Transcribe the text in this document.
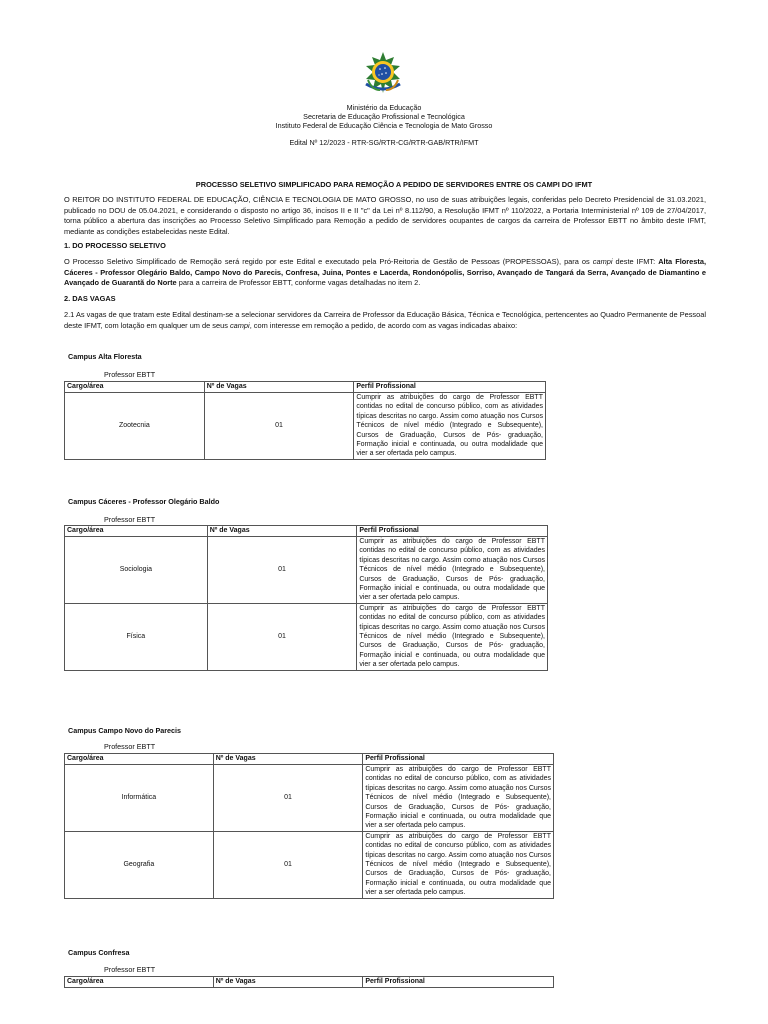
Ministério da Educação
Secretaria de Educação Profissional e Tecnológica
Instituto Federal de Educação Ciência e Tecnologia de Mato Grosso
Edital Nº 12/2023 - RTR-SG/RTR-CG/RTR-GAB/RTR/IFMT
PROCESSO SELETIVO SIMPLIFICADO PARA REMOÇÃO A PEDIDO DE SERVIDORES ENTRE OS CAMPI DO IFMT
O REITOR DO INSTITUTO FEDERAL DE EDUCAÇÃO, CIÊNCIA E TECNOLOGIA DE MATO GROSSO, no uso de suas atribuições legais, conferidas pelo Decreto Presidencial de 31.03.2021, publicado no DOU de 05.04.2021, e considerando o disposto no artigo 36, incisos II e II "c" da Lei nº 8.112/90, a Resolução IFMT nº 110/2022, a Portaria Interministerial nº 109 de 27/04/2017, torna público a abertura das inscrições ao Processo Seletivo Simplificado para Remoção a pedido de servidores ocupantes de cargos da carreira de Professor EBTT no âmbito deste IFMT, mediante as condições estabelecidas neste Edital.
1. DO PROCESSO SELETIVO
O Processo Seletivo Simplificado de Remoção será regido por este Edital e executado pela Pró-Reitoria de Gestão de Pessoas (PROPESSOAS), para os campi deste IFMT: Alta Floresta, Cáceres - Professor Olegário Baldo, Campo Novo do Parecis, Confresa, Juina, Pontes e Lacerda, Rondonópolis, Sorriso, Avançado de Tangará da Serra, Avançado de Diamantino e Avançado de Guarantã do Norte para a carreira de Professor EBTT, conforme vagas detalhadas no item 2.
2. DAS VAGAS
2.1 As vagas de que tratam este Edital destinam-se a selecionar servidores da Carreira de Professor da Educação Básica, Técnica e Tecnológica, pertencentes ao Quadro Permanente de Pessoal deste IFMT, com lotação em qualquer um de seus campi, com interesse em remoção a pedido, de acordo com as vagas indicadas abaixo:
Campus Alta Floresta
Professor EBTT
Cargo/área	Nº de Vagas	Perfil Profissional
Zootecnia	01	Cumprir as atribuições do cargo de Professor EBTT contidas no edital de concurso público, com as atividades típicas descritas no cargo. Assim como atuação nos Cursos Técnicos de nível médio (Integrado e Subsequente), Cursos de Graduação, Cursos de Pós- graduação, Formação inicial e continuada, ou outra modalidade que vier a ser ofertada pelo campus.
Campus Cáceres - Professor Olegário Baldo
Professor EBTT
Cargo/área	Nº de Vagas	Perfil Profissional
Sociologia	01	Cumprir as atribuições do cargo de Professor EBTT contidas no edital de concurso público, com as atividades típicas descritas no cargo. Assim como atuação nos Cursos Técnicos de nível médio (Integrado e Subsequente), Cursos de Graduação, Cursos de Pós- graduação, Formação inicial e continuada, ou outra modalidade que vier a ser ofertada pelo campus.
Física	01	Cumprir as atribuições do cargo de Professor EBTT contidas no edital de concurso público, com as atividades típicas descritas no cargo. Assim como atuação nos Cursos Técnicos de nível médio (Integrado e Subsequente), Cursos de Graduação, Cursos de Pós- graduação, Formação inicial e continuada, ou outra modalidade que vier a ser ofertada pelo campus.
Campus Campo Novo do Parecis
Professor EBTT
Cargo/área	Nº de Vagas	Perfil Profissional
Informática	01	Cumprir as atribuições do cargo de Professor EBTT contidas no edital de concurso público, com as atividades típicas descritas no cargo. Assim como atuação nos Cursos Técnicos de nível médio (Integrado e Subsequente), Cursos de Graduação, Cursos de Pós- graduação, Formação inicial e continuada, ou outra modalidade que vier a ser ofertada pelo campus.
Geografia	01	Cumprir as atribuições do cargo de Professor EBTT contidas no edital de concurso público, com as atividades típicas descritas no cargo. Assim como atuação nos Cursos Técnicos de nível médio (Integrado e Subsequente), Cursos de Graduação, Cursos de Pós- graduação, Formação inicial e continuada, ou outra modalidade que vier a ser ofertada pelo campus.
Campus Confresa
Professor EBTT
Cargo/área	Nº de Vagas	Perfil Profissional
